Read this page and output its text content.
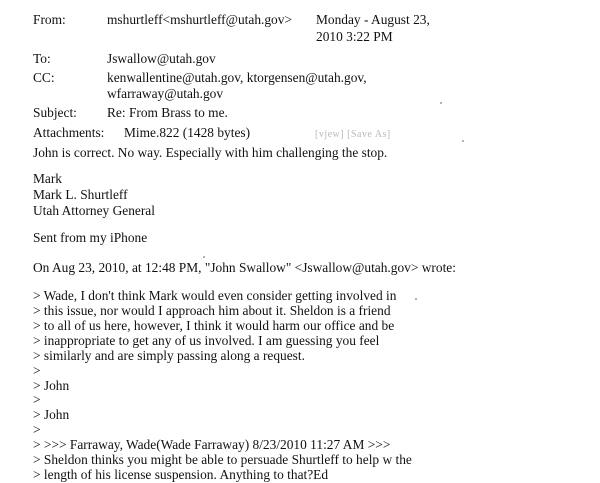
From:	mshurtleff<mshurtleff@utah.gov> Monday - August 23,
2010 3:22 PM
To:	Jswallow@utah.gov
CC:	kenwallentine@utah.gov, ktorgensen@utah.gov,
wfarraway@utah.gov
Subject: Re: From Brass to me.
Attachments: Mime.822 (1428 bytes)	[vjew] [Save As]
John is correct. No way. Especially with him challenging the stop.
Mark
Mark L. Shurtleff
Utah Attorney General
Sent from my iPhone
On Aug 23, 2010, at 12:48 PM, "John Swallow" <Jswallow@utah.gov> wrote:
> Wade, I don't think Mark would even consider getting involved in
> this issue, nor would I approach him about it. Sheldon is a friend
> to all of us here, however, I think it would harm our office and be
> inappropriate to get any of us involved. I am guessing you feel
> similarly and are simply passing along a request.
>
> John
>
> John
>
> >>> Farraway, Wade(Wade Farraway) 8/23/2010 11:27 AM >>>
> Sheldon thinks you might be able to persuade Shurtleff to help w the
> length of his license suspension. Anything to that?Ed
